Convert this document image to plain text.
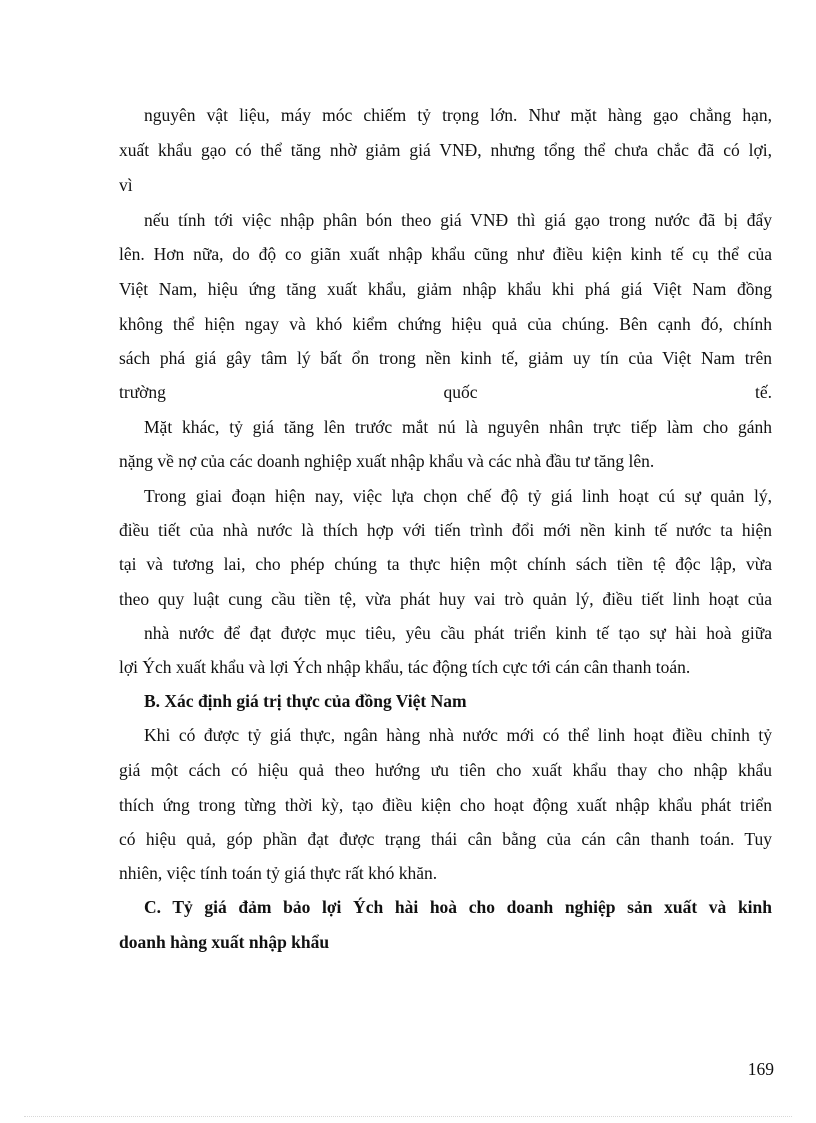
nguyên vật liệu, máy móc chiếm tỷ trọng lớn. Như mặt hàng gạo chẳng hạn,

xuất khẩu gạo có thể tăng nhờ giảm giá VNĐ, nhưng tổng thể chưa chắc đã có lợi,

vì

nếu tính tới việc nhập phân bón theo giá VNĐ thì giá gạo trong nước đã bị đẩy

lên. Hơn nữa, do độ co giãn xuất nhập khẩu cũng như điều kiện kinh tế cụ thể của

Việt Nam, hiệu ứng tăng xuất khẩu, giảm nhập khẩu khi phá giá Việt Nam đồng

không thể hiện ngay và khó kiểm chứng hiệu quả của chúng. Bên cạnh đó, chính

sách phá giá gây tâm lý bất ổn trong nền kinh tế, giảm uy tín của Việt Nam trên

trường quốc tế.

Mặt khác, tỷ giá tăng lên trước mắt nú là nguyên nhân trực tiếp làm cho gánh

nặng về nợ của các doanh nghiệp xuất nhập khẩu và các nhà đầu tư tăng lên.

Trong giai đoạn hiện nay, việc lựa chọn chế độ tỷ giá linh hoạt cú sự quản lý,

điều tiết của nhà nước là thích hợp với tiến trình đổi mới nền kinh tế nước ta hiện

tại và tương lai, cho phép chúng ta thực hiện một chính sách tiền tệ độc lập, vừa

theo quy luật cung cầu tiền tệ, vừa phát huy vai trò quản lý, điều tiết linh hoạt của

nhà nước để đạt được mục tiêu, yêu cầu phát triển kinh tế tạo sự hài hoà giữa

lợi Ých xuất khẩu và lợi Ých nhập khẩu, tác động tích cực tới cán cân thanh toán.

B. Xác định giá trị thực của đồng Việt Nam

Khi có được tỷ giá thực, ngân hàng nhà nước mới có thể linh hoạt điều chỉnh tỷ

giá một cách có hiệu quả theo hướng ưu tiên cho xuất khẩu thay cho nhập khẩu

thích ứng trong từng thời kỳ, tạo điều kiện cho hoạt động xuất nhập khẩu phát triển

có hiệu quả, góp phần đạt được trạng thái cân bằng của cán cân thanh toán. Tuy

nhiên, việc tính toán tỷ giá thực rất khó khăn.

C. Tỷ giá đảm bảo lợi Ých hài hoà cho doanh nghiệp sản xuất và kinh

doanh hàng xuất nhập khẩu

169
